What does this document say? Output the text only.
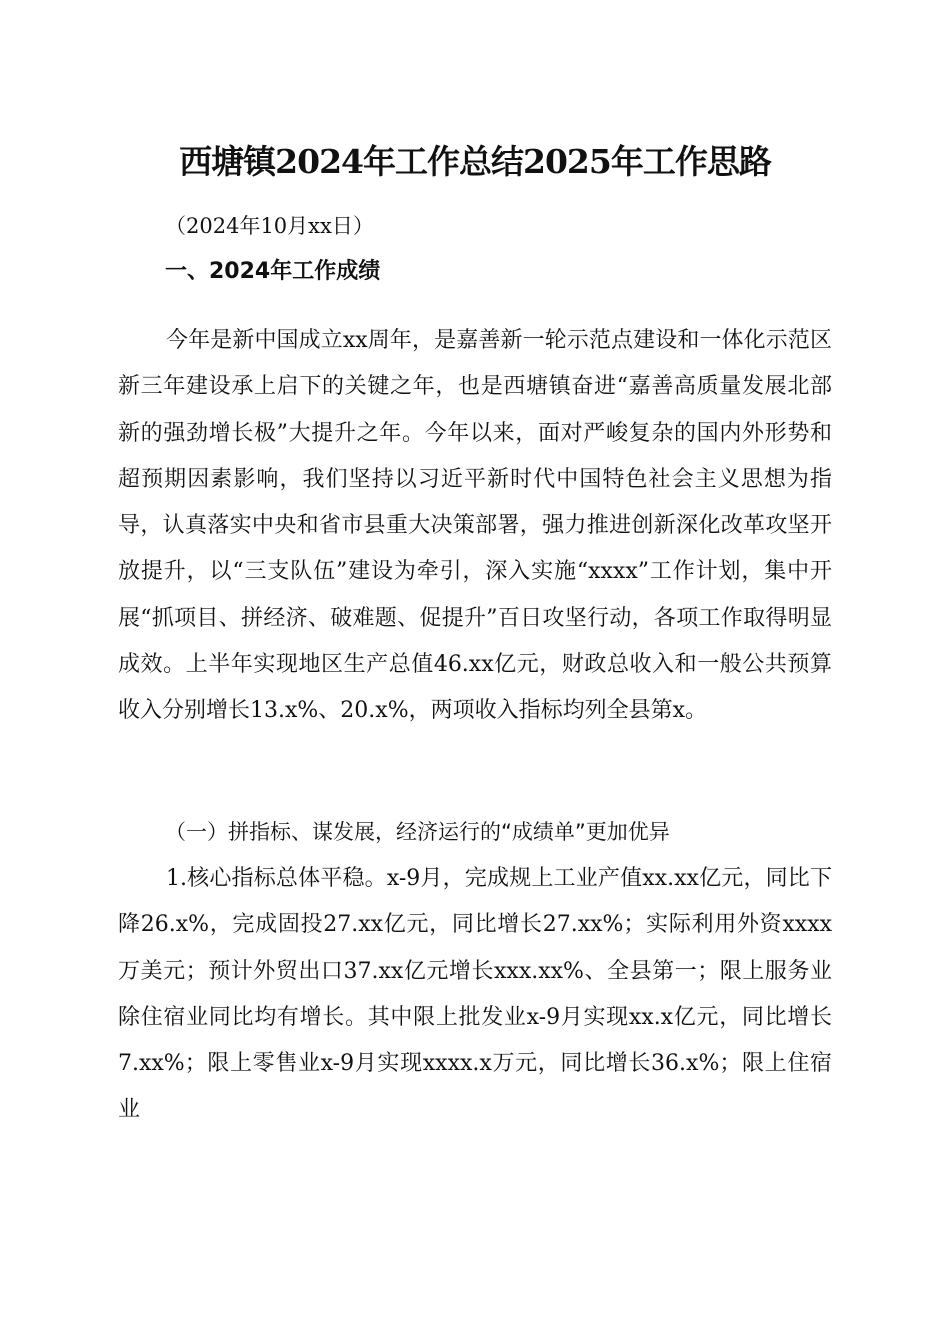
西塘镇2024年工作总结2025年工作思路
（2024年10月xx日）
一、2024年工作成绩
今年是新中国成立xx周年，是嘉善新一轮示范点建设和一体化示范区新三年建设承上启下的关键之年，也是西塘镇奋进“嘉善高质量发展北部新的强劲增长极”大提升之年。今年以来，面对严峻复杂的国内外形势和超预期因素影响，我们坚持以习近平新时代中国特色社会主义思想为指导，认真落实中央和省市县重大决策部署，强力推进创新深化改革攻坚开放提升，以“三支队伍”建设为牵引，深入实施“xxxx”工作计划，集中开展“抓项目、拼经济、破难题、促提升”百日攻坚行动，各项工作取得明显成效。上半年实现地区生产总值46.xx亿元，财政总收入和一般公共预算收入分别增长13.x%、20.x%，两项收入指标均列全县第x。
（一）拼指标、谋发展，经济运行的“成绩单”更加优异
1.核心指标总体平稳。x-9月，完成规上工业产值xx.xx亿元，同比下降26.x%，完成固投27.xx亿元，同比增长27.xx%；实际利用外资xxxx万美元；预计外贸出口37.xx亿元增长xxx.xx%、全县第一；限上服务业除住宿业同比均有增长。其中限上批发业x-9月实现xx.x亿元，同比增长7.xx%；限上零售业x-9月实现xxxx.x万元，同比增长36.x%；限上住宿业
